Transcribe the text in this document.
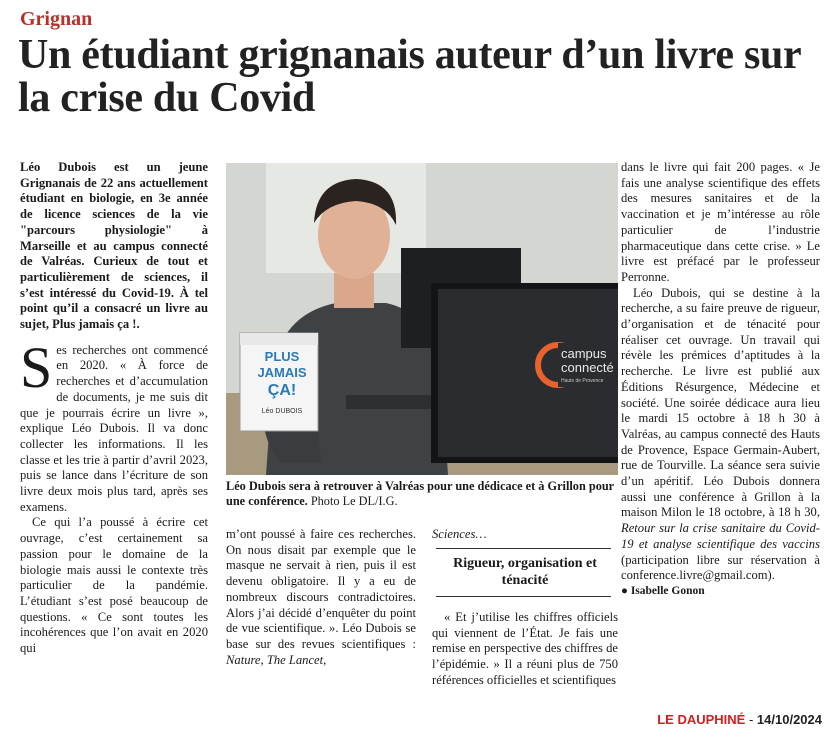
Grignan
Un étudiant grignanais auteur d’un livre sur la crise du Covid

Léo Dubois est un jeune Grignanais de 22 ans actuellement étudiant en biologie, en 3e année de licence sciences de la vie "parcours physiologie" à Marseille et au campus connecté de Valréas. Curieux de tout et particulièrement de sciences, il s’est intéressé du Covid-19. À tel point qu’il a consacré un livre au sujet, Plus jamais ça !.

Ses recherches ont commencé en 2020. « À force de recherches et d’accumulation de documents, je me suis dit que je pourrais écrire un livre », explique Léo Dubois. Il va donc collecter les informations. Il les classe et les trie à partir d’avril 2023, puis se lance dans l’écriture de son livre deux mois plus tard, après ses examens.

Ce qui l’a poussé à écrire cet ouvrage, c’est certainement sa passion pour le domaine de la biologie mais aussi le contexte très particulier de la pandémie. L’étudiant s’est posé beaucoup de questions. « Ce sont toutes les incohérences que l’on avait en 2020 qui

PLUS
JAMAIS
ÇA!
Léo DUBOIS
campus
connecté
Hauts de Provence
Léo Dubois sera à retrouver à Valréas pour une dédicace et à Grillon pour une conférence. Photo Le DL/I.G.

m’ont poussé à faire ces recherches. On nous disait par exemple que le masque ne servait à rien, puis il est devenu obligatoire. Il y a eu de nombreux discours contradictoires. Alors j’ai décidé d’enquêter du point de vue scientifique. ». Léo Dubois se base sur des revues scientifiques : Nature, The Lancet,

Sciences…

Rigueur, organisation et ténacité

« Et j’utilise les chiffres officiels qui viennent de l’État. Je fais une remise en perspective des chiffres de l’épidémie. » Il a réuni plus de 750 références officielles et scientifiques

dans le livre qui fait 200 pages. « Je fais une analyse scientifique des effets des mesures sanitaires et de la vaccination et je m’intéresse au rôle particulier de l’industrie pharmaceutique dans cette crise. » Le livre est préfacé par le professeur Perronne.

Léo Dubois, qui se destine à la recherche, a su faire preuve de rigueur, d’organisation et de ténacité pour réaliser cet ouvrage. Un travail qui révèle les prémices d’aptitudes à la recherche. Le livre est publié aux Éditions Résurgence, Médecine et société. Une soirée dédicace aura lieu le mardi 15 octobre à 18 h 30 à Valréas, au campus connecté des Hauts de Provence, Espace Germain-Aubert, rue de Tourville. La séance sera suivie d’un apéritif. Léo Dubois donnera aussi une conférence à Grillon à la maison Milon le 18 octobre, à 18 h 30, Retour sur la crise sanitaire du Covid-19 et analyse scientifique des vaccins (participation libre sur réservation à conference.livre@gmail.com).

● Isabelle Gonon

LE DAUPHINÉ - 14/10/2024
